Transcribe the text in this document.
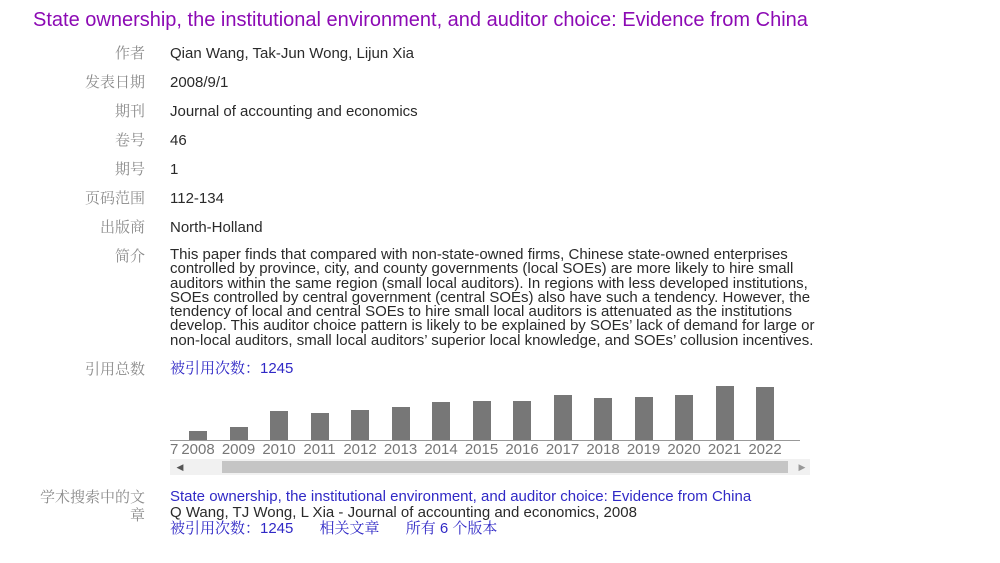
State ownership, the institutional environment, and auditor choice: Evidence from China
作者 Qian Wang, Tak-Jun Wong, Lijun Xia
发表日期 2008/9/1
期刊 Journal of accounting and economics
卷号 46
期号 1
页码范围 112-134
出版商 North-Holland
简介 This paper finds that compared with non-state-owned firms, Chinese state-owned enterprises controlled by province, city, and county governments (local SOEs) are more likely to hire small auditors within the same region (small local auditors). In regions with less developed institutions, SOEs controlled by central government (central SOEs) also have such a tendency. However, the tendency of local and central SOEs to hire small local auditors is attenuated as the institutions develop. This auditor choice pattern is likely to be explained by SOEs’ lack of demand for large or non-local auditors, small local auditors’ superior local knowledge, and SOEs’ collusion incentives.
引用总数 被引用次数：1245
7 2008 2009 2010 2011 2012 2013 2014 2015 2016 2017 2018 2019 2020 2021 2022
◀	▶
学术搜索中的文章
State ownership, the institutional environment, and auditor choice: Evidence from China
Q Wang, TJ Wong, L Xia - Journal of accounting and economics, 2008
被引用次数：1245 相关文章 所有 6 个版本
